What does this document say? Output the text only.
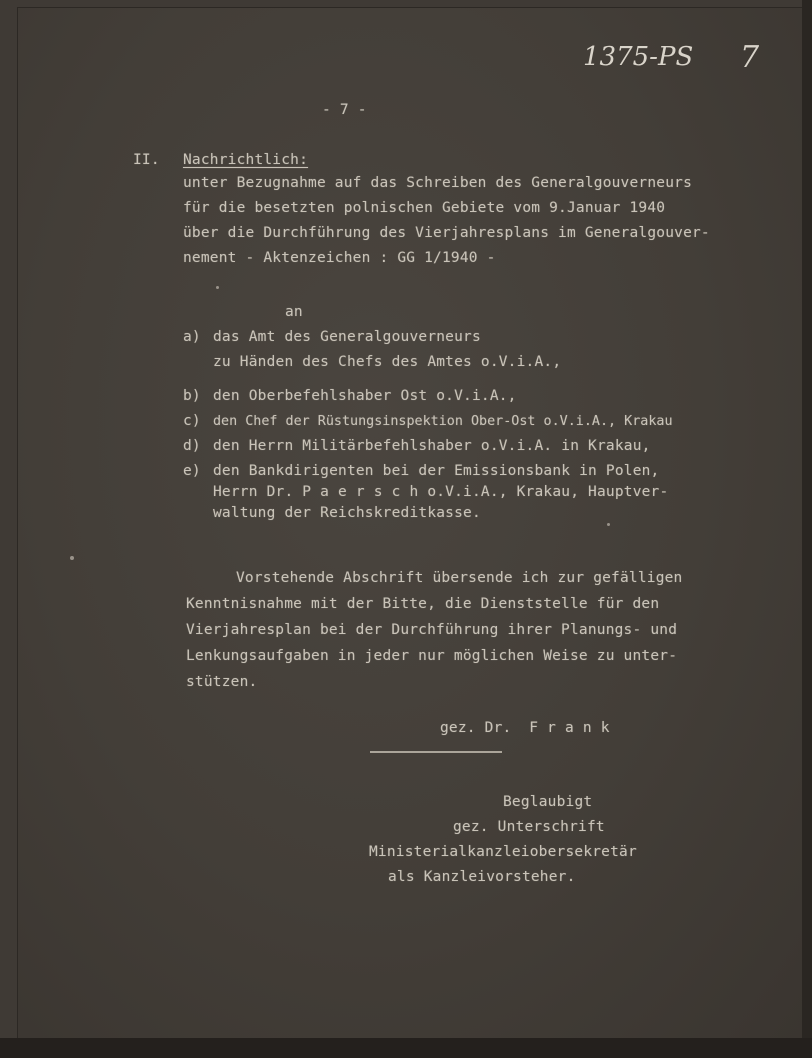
1375-PS 7
- 7 -
II. Nachrichtlich:
unter Bezugnahme auf das Schreiben des Generalgouverneurs
für die besetzten polnischen Gebiete vom 9.Januar 1940
über die Durchführung des Vierjahresplans im Generalgouver-
nement - Aktenzeichen : GG 1/1940 -
an
a) das Amt des Generalgouverneurs
zu Händen des Chefs des Amtes o.V.i.A.,
b) den Oberbefehlshaber Ost o.V.i.A.,
c) den Chef der Rüstungsinspektion Ober-Ost o.V.i.A., Krakau
d) den Herrn Militärbefehlshaber o.V.i.A. in Krakau,
e) den Bankdirigenten bei der Emissionsbank in Polen,
Herrn Dr. P a e r s c h o.V.i.A., Krakau, Hauptver-
waltung der Reichskreditkasse.
Vorstehende Abschrift übersende ich zur gefälligen
Kenntnisnahme mit der Bitte, die Dienststelle für den
Vierjahresplan bei der Durchführung ihrer Planungs- und
Lenkungsaufgaben in jeder nur möglichen Weise zu unter-
stützen.
gez. Dr.  F r a n k
Beglaubigt
gez. Unterschrift
Ministerialkanzleiobersekretär
als Kanzleivorsteher.
